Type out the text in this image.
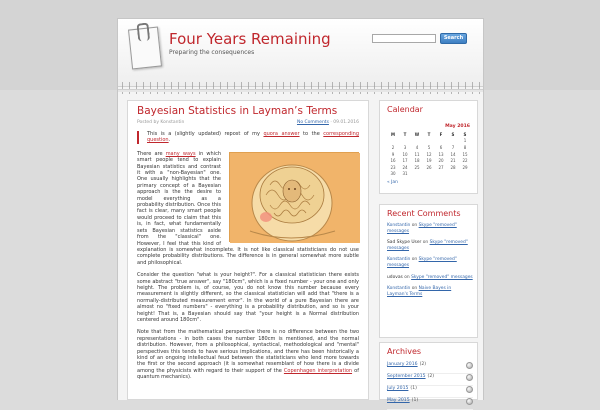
Four Years Remaining
Preparing the consequences
Search
Bayesian Statistics in Layman’s Terms
Posted by Konstantin	No Comments · 09.01.2016
This is a (slightly updated) repost of my quora answer to the corresponding question.

There are many ways in which smart people tend to explain Bayesian statistics and contrast it with a "non-Bayesian" one. One usually highlights that the primary concept of a Bayesian approach is the the desire to model everything as a probability distribution. Once this fact is clear, many smart people would proceed to claim that this is, in fact, what fundamentally sets Bayesian statistics aside from the "classical" one. However, I feel that this kind of explanation is somewhat incomplete. It is not like classical statisticians do not use complete probability distributions. The difference is in general somewhat more subtle and philosophical.

Consider the question "what is your height?". For a classical statistician there exists some abstract "true answer", say "180cm", which is a fixed number - your one and only height. The problem is, of course, you do not know this number because every measurement is slightly different, so the classical statistician will add that "there is a normally-distributed measurement error". In the world of a pure Bayesian there are almost no "fixed numbers" - everything is a probability distribution, and so is your height! That is, a Bayesian should say that "your height is a Normal distribution centered around 180cm".

Note that from the mathematical perspective there is no difference between the two representations - in both cases the number 180cm is mentioned, and the normal distribution. However, from a philosophical, syntactical, methodological and "mental" perspectives this tends to have serious implications, and there has been historically a kind of an ongoing intellectual feud between the statisticians who lend more towards the first or the second approach (it is somewhat resemblant of how there is a divide among the physicists with regard to their support of the Copenhagen interpretation of quantum mechanics).

Calendar
May 2016
M	T	W	T	F	S	S
						1
2	3	4	5	6	7	8
9	10	11	12	13	14	15
16	17	18	19	20	21	22
23	24	25	26	27	28	29
30	31					
« Jan
Recent Comments
Konstantin on Skype "removed" messages
Sad Skype User on Skype "removed" messages
Konstantin on Skype "removed" messages
udovas on Skype "removed" messages
Konstantin on Naive Bayes in Layman's Terms
Archives
January 2016 (2)
September 2015 (2)
July 2015 (1)
May 2015 (1)
